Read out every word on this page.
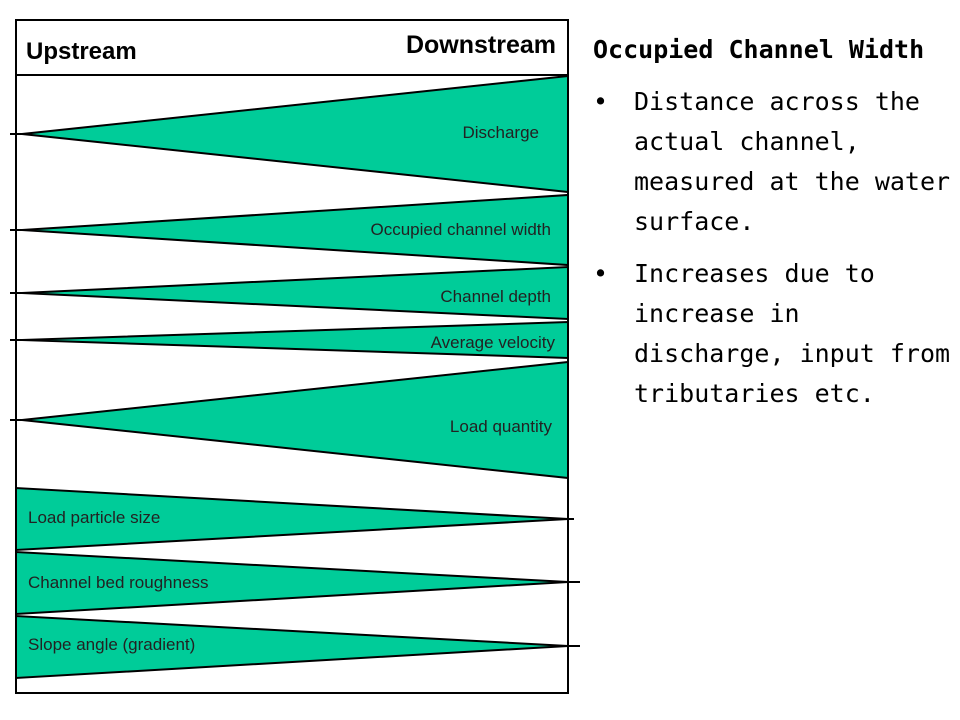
Upstream	Downstream
Discharge
Occupied channel width
Channel depth
Average velocity
Load quantity
Load particle size
Channel bed roughness
Slope angle (gradient)
Occupied Channel Width
• Distance across the actual channel, measured at the water surface.
• Increases due to increase in discharge, input from tributaries etc.
